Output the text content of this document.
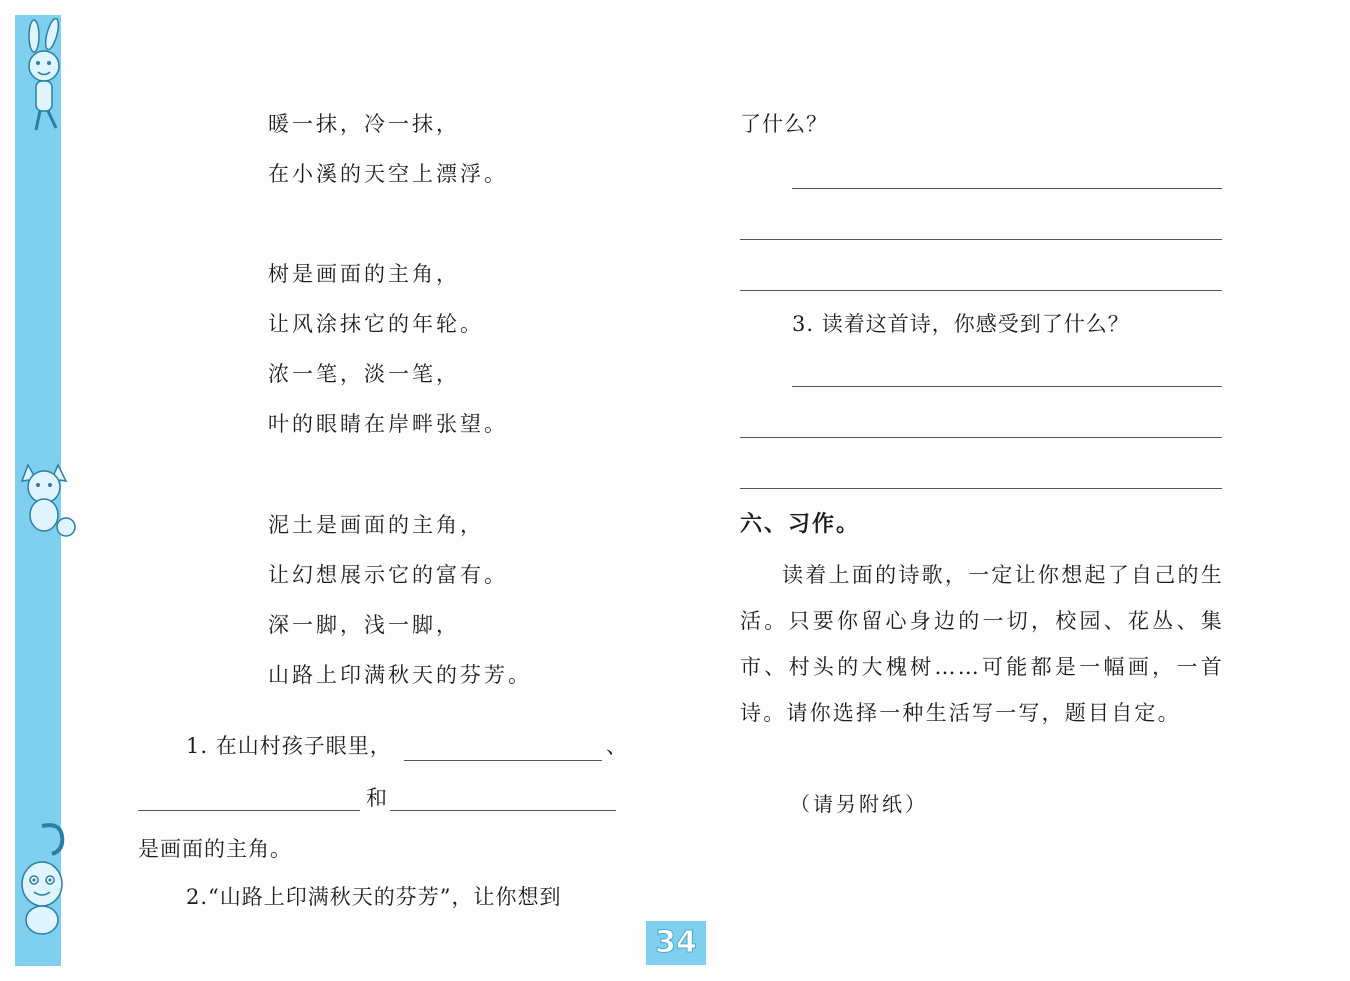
暖一抹，冷一抹，
在小溪的天空上漂浮。
树是画面的主角，
让风涂抹它的年轮。
浓一笔，淡一笔，
叶的眼睛在岸畔张望。
泥土是画面的主角，
让幻想展示它的富有。
深一脚，浅一脚，
山路上印满秋天的芬芳。
1. 在山村孩子眼里，	、
和
是画面的主角。
2.“山路上印满秋天的芬芳”，让你想到
了什么？
3. 读着这首诗，你感受到了什么？
六、习作。
读着上面的诗歌，一定让你想起了自己的生活。只要你留心身边的一切，校园、花丛、集市、村头的大槐树……可能都是一幅画，一首诗。请你选择一种生活写一写，题目自定。
（请另附纸）
34
